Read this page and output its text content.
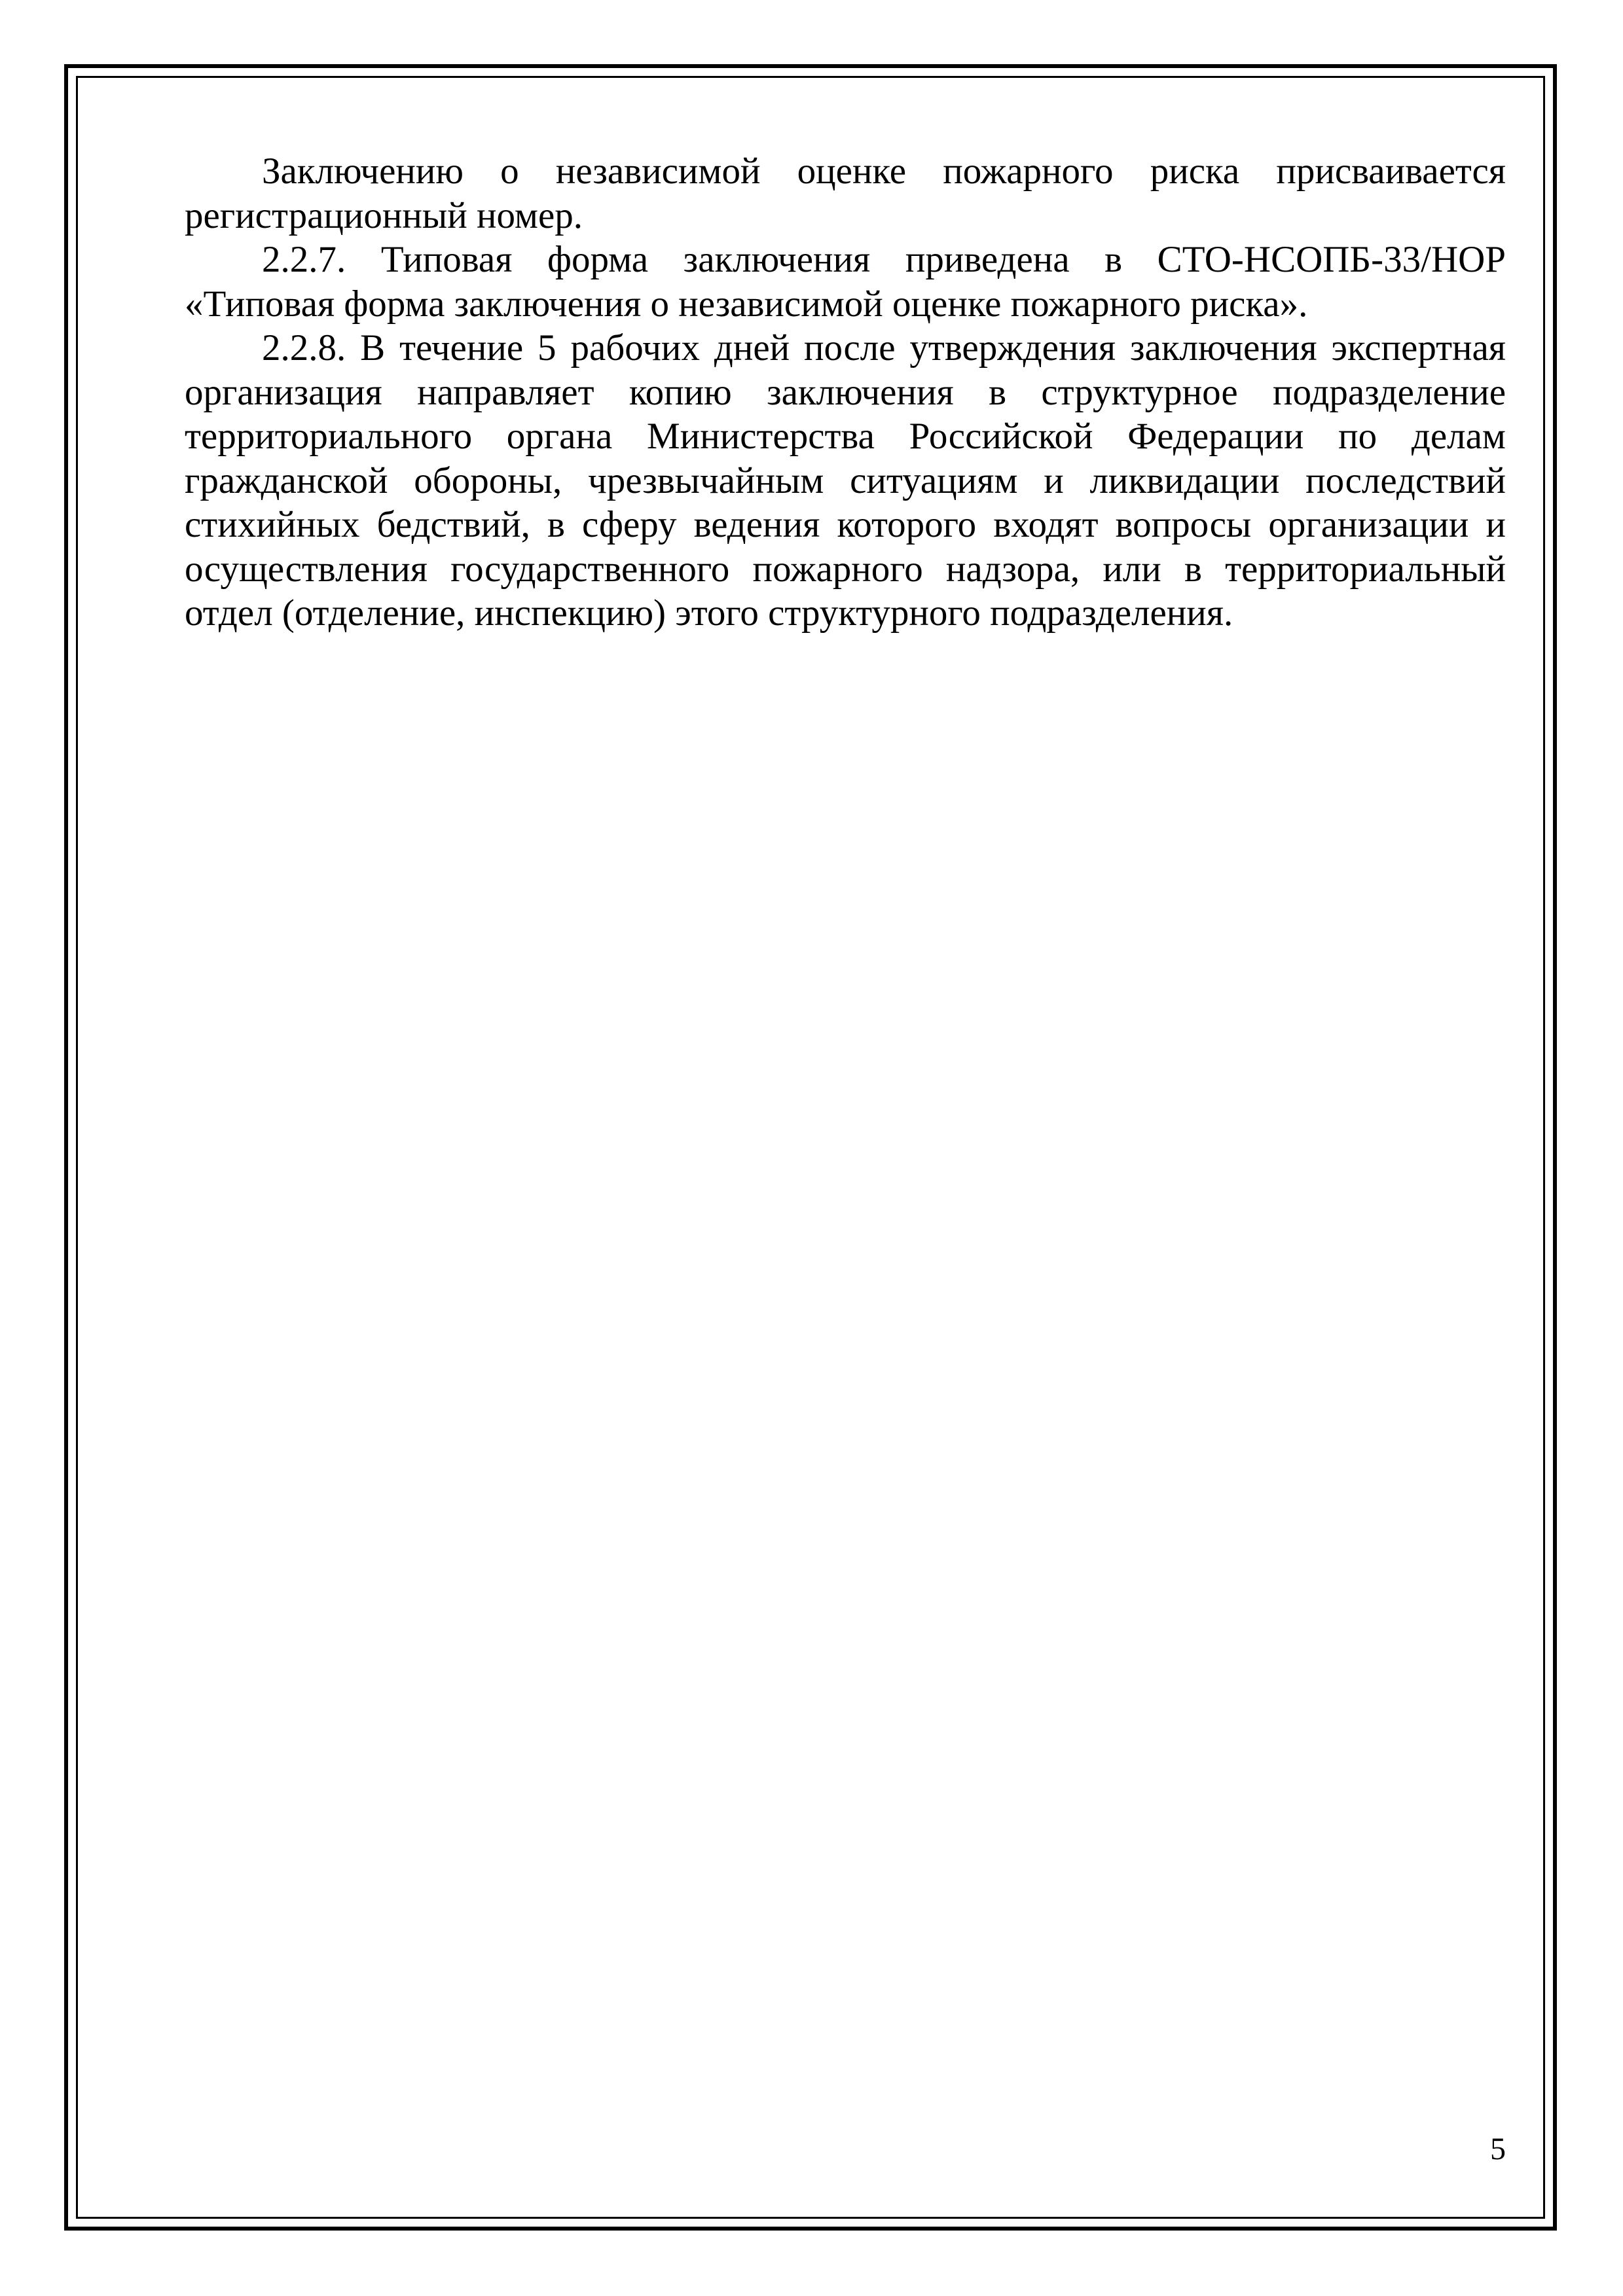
Заключению о независимой оценке пожарного риска присваивается регистрационный номер.

2.2.7. Типовая форма заключения приведена в СТО-НСОПБ-33/НОР «Типовая форма заключения о независимой оценке пожарного риска».

2.2.8. В течение 5 рабочих дней после утверждения заключения экспертная организация направляет копию заключения в структурное подразделение территориального органа Министерства Российской Федерации по делам гражданской обороны, чрезвычайным ситуациям и ликвидации последствий стихийных бедствий, в сферу ведения которого входят вопросы организации и осуществления государственного пожарного надзора, или в территориальный отдел (отделение, инспекцию) этого структурного подразделения.

5
